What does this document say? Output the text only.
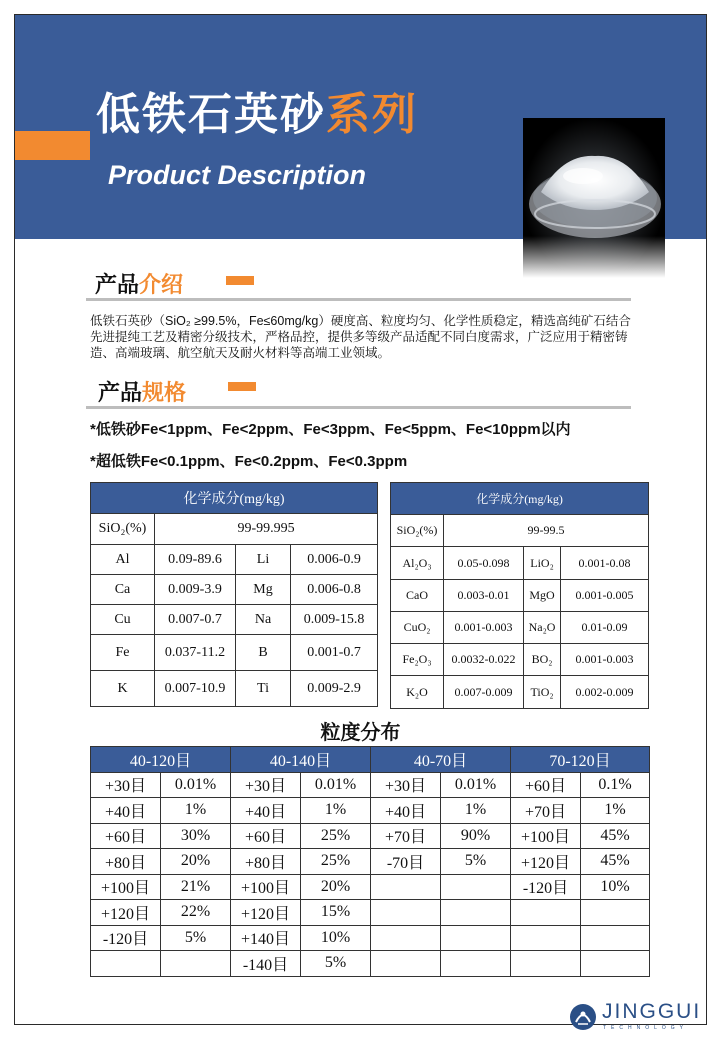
低铁石英砂系列
Product Description
产品介绍
低铁石英砂（SiO₂ ≥99.5%，Fe≤60mg/kg）硬度高、粒度均匀、化学性质稳定，精选高纯矿石结合先进提纯工艺及精密分级技术，严格品控，提供多等级产品适配不同白度需求，广泛应用于精密铸造、高端玻璃、航空航天及耐火材料等高端工业领域。
产品规格
*低铁砂Fe<1ppm、Fe<2ppm、Fe<3ppm、Fe<5ppm、Fe<10ppm以内
*超低铁Fe<0.1ppm、Fe<0.2ppm、Fe<0.3ppm
化学成分(mg/kg)			
SiO₂(%)	99-99.995		
Al	0.09-89.6	Li	0.006-0.9
Ca	0.009-3.9	Mg	0.006-0.8
Cu	0.007-0.7	Na	0.009-15.8
Fe	0.037-11.2	B	0.001-0.7
K	0.007-10.9	Ti	0.009-2.9
化学成分(mg/kg)			
SiO₂(%)	99-99.5		
Al₂O₃	0.05-0.098	LiO₂	0.001-0.08
CaO	0.003-0.01	MgO	0.001-0.005
CuO₂	0.001-0.003	Na₂O	0.01-0.09
Fe₂O₃	0.0032-0.022	BO₂	0.001-0.003
K₂O	0.007-0.009	TiO₂	0.002-0.009
粒度分布
40-120目		40-140目		40-70目		70-120目	
+30目	0.01%	+30目	0.01%	+30目	0.01%	+60目	0.1%
+40目	1%	+40目	1%	+40目	1%	+70目	1%
+60目	30%	+60目	25%	+70目	90%	+100目	45%
+80目	20%	+80目	25%	-70目	5%	+120目	45%
+100目	21%	+100目	20%			-120目	10%
+120目	22%	+120目	15%				
-120目	5%	+140目	10%				
		-140目	5%				
JINGGUI
TECHNOLOGY
